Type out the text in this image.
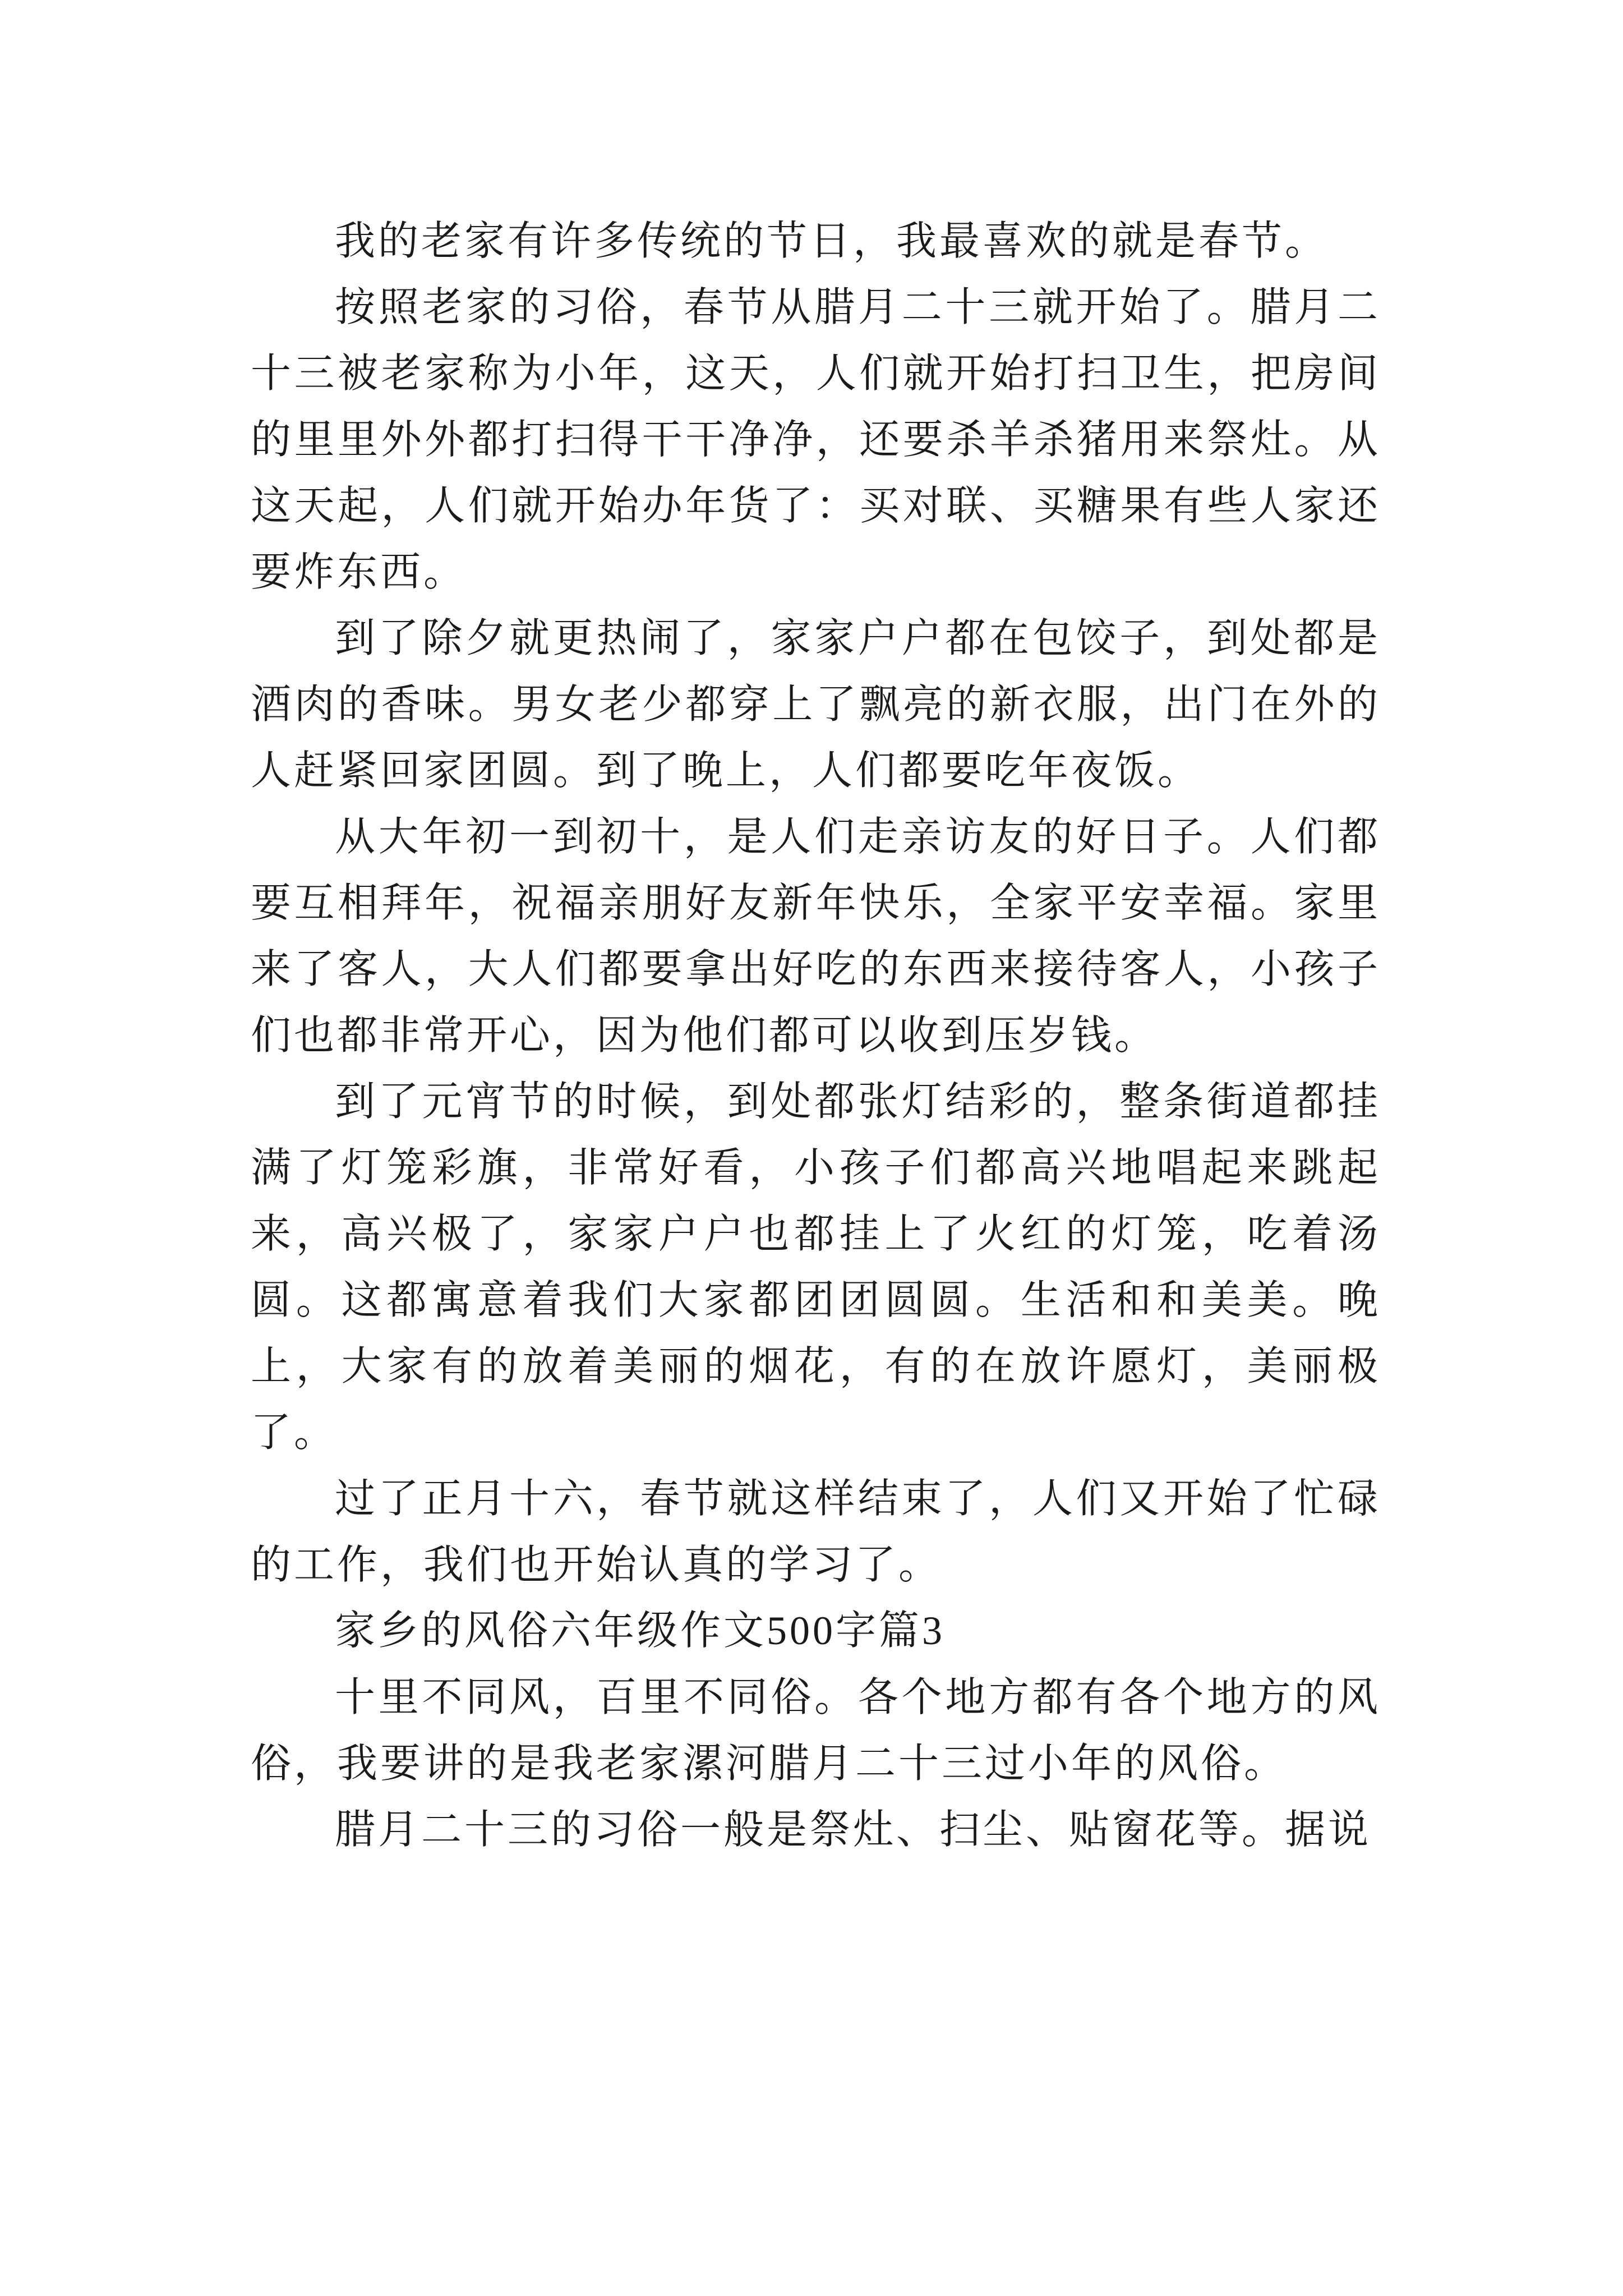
我的老家有许多传统的节日，我最喜欢的就是春节。

按照老家的习俗，春节从腊月二十三就开始了。腊月二十三被老家称为小年，这天，人们就开始打扫卫生，把房间的里里外外都打扫得干干净净，还要杀羊杀猪用来祭灶。从这天起，人们就开始办年货了：买对联、买糖果有些人家还要炸东西。

到了除夕就更热闹了，家家户户都在包饺子，到处都是酒肉的香味。男女老少都穿上了飘亮的新衣服，出门在外的人赶紧回家团圆。到了晚上，人们都要吃年夜饭。

从大年初一到初十，是人们走亲访友的好日子。人们都要互相拜年，祝福亲朋好友新年快乐，全家平安幸福。家里来了客人，大人们都要拿出好吃的东西来接待客人，小孩子们也都非常开心，因为他们都可以收到压岁钱。

到了元宵节的时候，到处都张灯结彩的，整条街道都挂满了灯笼彩旗，非常好看，小孩子们都高兴地唱起来跳起来，高兴极了，家家户户也都挂上了火红的灯笼，吃着汤圆。这都寓意着我们大家都团团圆圆。生活和和美美。晚上，大家有的放着美丽的烟花，有的在放许愿灯，美丽极了。

过了正月十六，春节就这样结束了，人们又开始了忙碌的工作，我们也开始认真的学习了。

家乡的风俗六年级作文500字篇3

十里不同风，百里不同俗。各个地方都有各个地方的风俗，我要讲的是我老家漯河腊月二十三过小年的风俗。

腊月二十三的习俗一般是祭灶、扫尘、贴窗花等。据说
